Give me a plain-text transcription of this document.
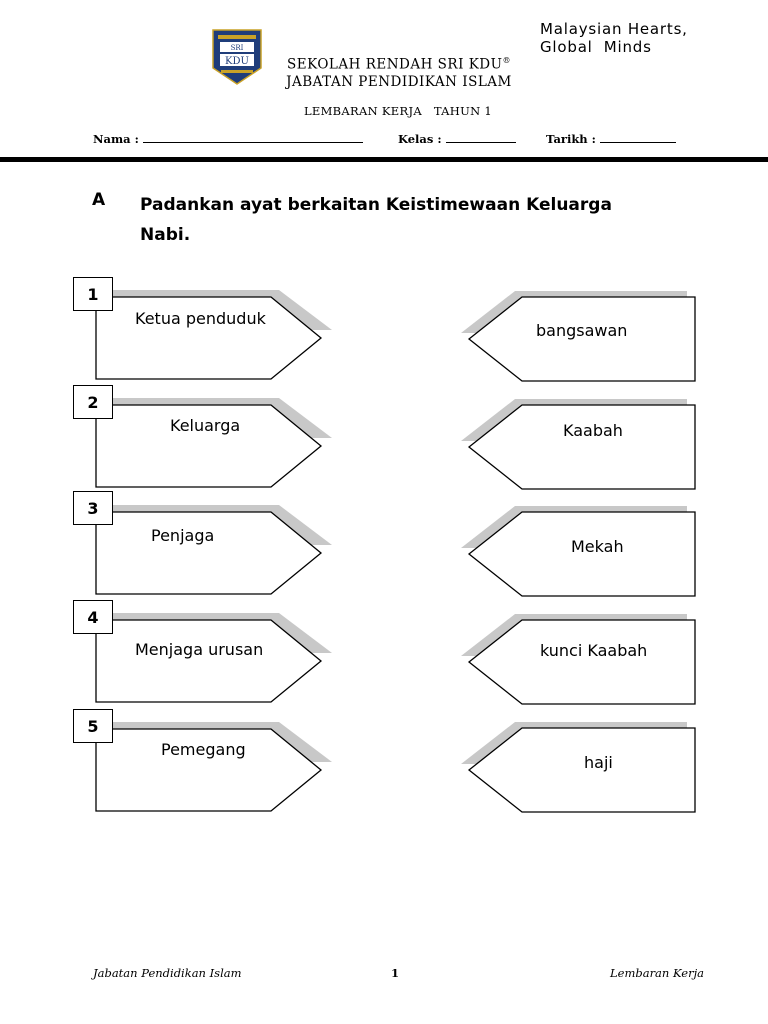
Malaysian Hearts,
Global  Minds
SRI
KDU	SEKOLAH RENDAH SRI KDU®
JABATAN PENDIDIKAN ISLAM
LEMBARAN KERJA   TAHUN 1
Nama :	Kelas :	Tarikh :
A Padankan ayat berkaitan Keistimewaan Keluarga Nabi.
1
Ketua penduduk
2
Keluarga
3
Penjaga
4
Menjaga urusan
5
Pemegang
bangsawan
Kaabah
Mekah
kunci Kaabah
haji
Jabatan Pendidikan Islam	1	Lembaran Kerja
